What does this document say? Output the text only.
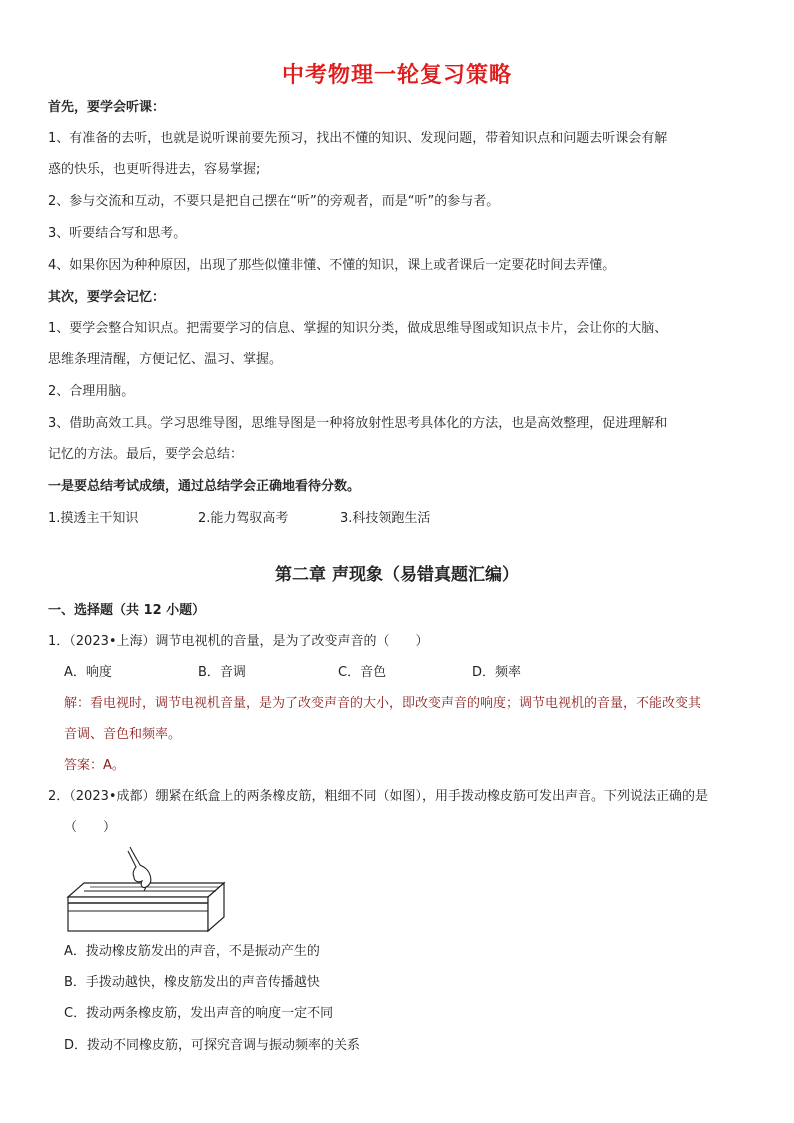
中考物理一轮复习策略
首先，要学会听课：
1、有准备的去听，也就是说听课前要先预习，找出不懂的知识、发现问题，带着知识点和问题去听课会有解
惑的快乐，也更听得进去，容易掌握;
2、参与交流和互动，不要只是把自己摆在“听”的旁观者，而是“听”的参与者。
3、听要结合写和思考。
4、如果你因为种种原因，出现了那些似懂非懂、不懂的知识，课上或者课后一定要花时间去弄懂。
其次，要学会记忆：
1、要学会整合知识点。把需要学习的信息、掌握的知识分类，做成思维导图或知识点卡片，会让你的大脑、
思维条理清醒，方便记忆、温习、掌握。
2、合理用脑。
3、借助高效工具。学习思维导图，思维导图是一种将放射性思考具体化的方法，也是高效整理，促进理解和
记忆的方法。最后，要学会总结：
一是要总结考试成绩，通过总结学会正确地看待分数。
1.摸透主干知识	2.能力驾驭高考	3.科技领跑生活
第二章 声现象（易错真题汇编）
一、选择题（共 12 小题）
1．（2023•上海）调节电视机的音量，是为了改变声音的（　　）
A．响度	B．音调	C．音色	D．频率
解：看电视时，调节电视机音量，是为了改变声音的大小，即改变声音的响度；调节电视机的音量，不能改变其
音调、音色和频率。
答案：A。
2．（2023•成都）绷紧在纸盒上的两条橡皮筋，粗细不同（如图），用手拨动橡皮筋可发出声音。下列说法正确的是
（　　）
A．拨动橡皮筋发出的声音，不是振动产生的
B．手拨动越快，橡皮筋发出的声音传播越快
C．拨动两条橡皮筋，发出声音的响度一定不同
D．拨动不同橡皮筋，可探究音调与振动频率的关系
